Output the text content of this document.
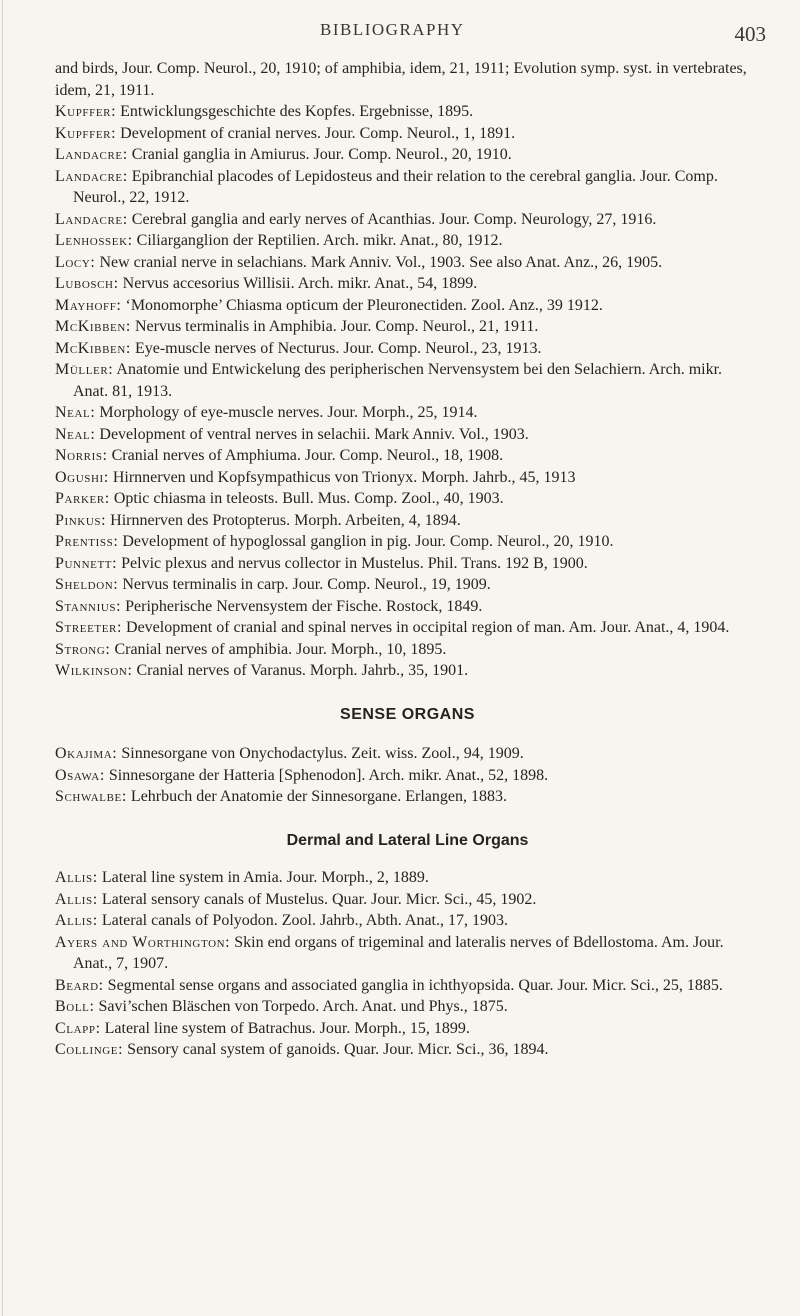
BIBLIOGRAPHY	403
and birds, Jour. Comp. Neurol., 20, 1910; of amphibia, idem, 21, 1911; Evolution symp. syst. in vertebrates, idem, 21, 1911.
Kupffer: Entwicklungsgeschichte des Kopfes. Ergebnisse, 1895.
Kupffer: Development of cranial nerves. Jour. Comp. Neurol., 1, 1891.
Landacre: Cranial ganglia in Amiurus. Jour. Comp. Neurol., 20, 1910.
Landacre: Epibranchial placodes of Lepidosteus and their relation to the cerebral ganglia. Jour. Comp. Neurol., 22, 1912.
Landacre: Cerebral ganglia and early nerves of Acanthias. Jour. Comp. Neurology, 27, 1916.
Lenhossek: Ciliarganglion der Reptilien. Arch. mikr. Anat., 80, 1912.
Locy: New cranial nerve in selachians. Mark Anniv. Vol., 1903. See also Anat. Anz., 26, 1905.
Lubosch: Nervus accesorius Willisii. Arch. mikr. Anat., 54, 1899.
Mayhoff: ‘Monomorphe’ Chiasma opticum der Pleuronectiden. Zool. Anz., 39 1912.
McKibben: Nervus terminalis in Amphibia. Jour. Comp. Neurol., 21, 1911.
McKibben: Eye-muscle nerves of Necturus. Jour. Comp. Neurol., 23, 1913.
Müller: Anatomie und Entwickelung des peripherischen Nervensystem bei den Selachiern. Arch. mikr. Anat. 81, 1913.
Neal: Morphology of eye-muscle nerves. Jour. Morph., 25, 1914.
Neal: Development of ventral nerves in selachii. Mark Anniv. Vol., 1903.
Norris: Cranial nerves of Amphiuma. Jour. Comp. Neurol., 18, 1908.
Ogushi: Hirnnerven und Kopfsympathicus von Trionyx. Morph. Jahrb., 45, 1913
Parker: Optic chiasma in teleosts. Bull. Mus. Comp. Zool., 40, 1903.
Pinkus: Hirnnerven des Protopterus. Morph. Arbeiten, 4, 1894.
Prentiss: Development of hypoglossal ganglion in pig. Jour. Comp. Neurol., 20, 1910.
Punnett: Pelvic plexus and nervus collector in Mustelus. Phil. Trans. 192 B, 1900.
Sheldon: Nervus terminalis in carp. Jour. Comp. Neurol., 19, 1909.
Stannius: Peripherische Nervensystem der Fische. Rostock, 1849.
Streeter: Development of cranial and spinal nerves in occipital region of man. Am. Jour. Anat., 4, 1904.
Strong: Cranial nerves of amphibia. Jour. Morph., 10, 1895.
Wilkinson: Cranial nerves of Varanus. Morph. Jahrb., 35, 1901.
SENSE ORGANS
Okajima: Sinnesorgane von Onychodactylus. Zeit. wiss. Zool., 94, 1909.
Osawa: Sinnesorgane der Hatteria [Sphenodon]. Arch. mikr. Anat., 52, 1898.
Schwalbe: Lehrbuch der Anatomie der Sinnesorgane. Erlangen, 1883.
Dermal and Lateral Line Organs
Allis: Lateral line system in Amia. Jour. Morph., 2, 1889.
Allis: Lateral sensory canals of Mustelus. Quar. Jour. Micr. Sci., 45, 1902.
Allis: Lateral canals of Polyodon. Zool. Jahrb., Abth. Anat., 17, 1903.
Ayers and Worthington: Skin end organs of trigeminal and lateralis nerves of Bdellostoma. Am. Jour. Anat., 7, 1907.
Beard: Segmental sense organs and associated ganglia in ichthyopsida. Quar. Jour. Micr. Sci., 25, 1885.
Boll: Savi’schen Bläschen von Torpedo. Arch. Anat. und Phys., 1875.
Clapp: Lateral line system of Batrachus. Jour. Morph., 15, 1899.
Collinge: Sensory canal system of ganoids. Quar. Jour. Micr. Sci., 36, 1894.
